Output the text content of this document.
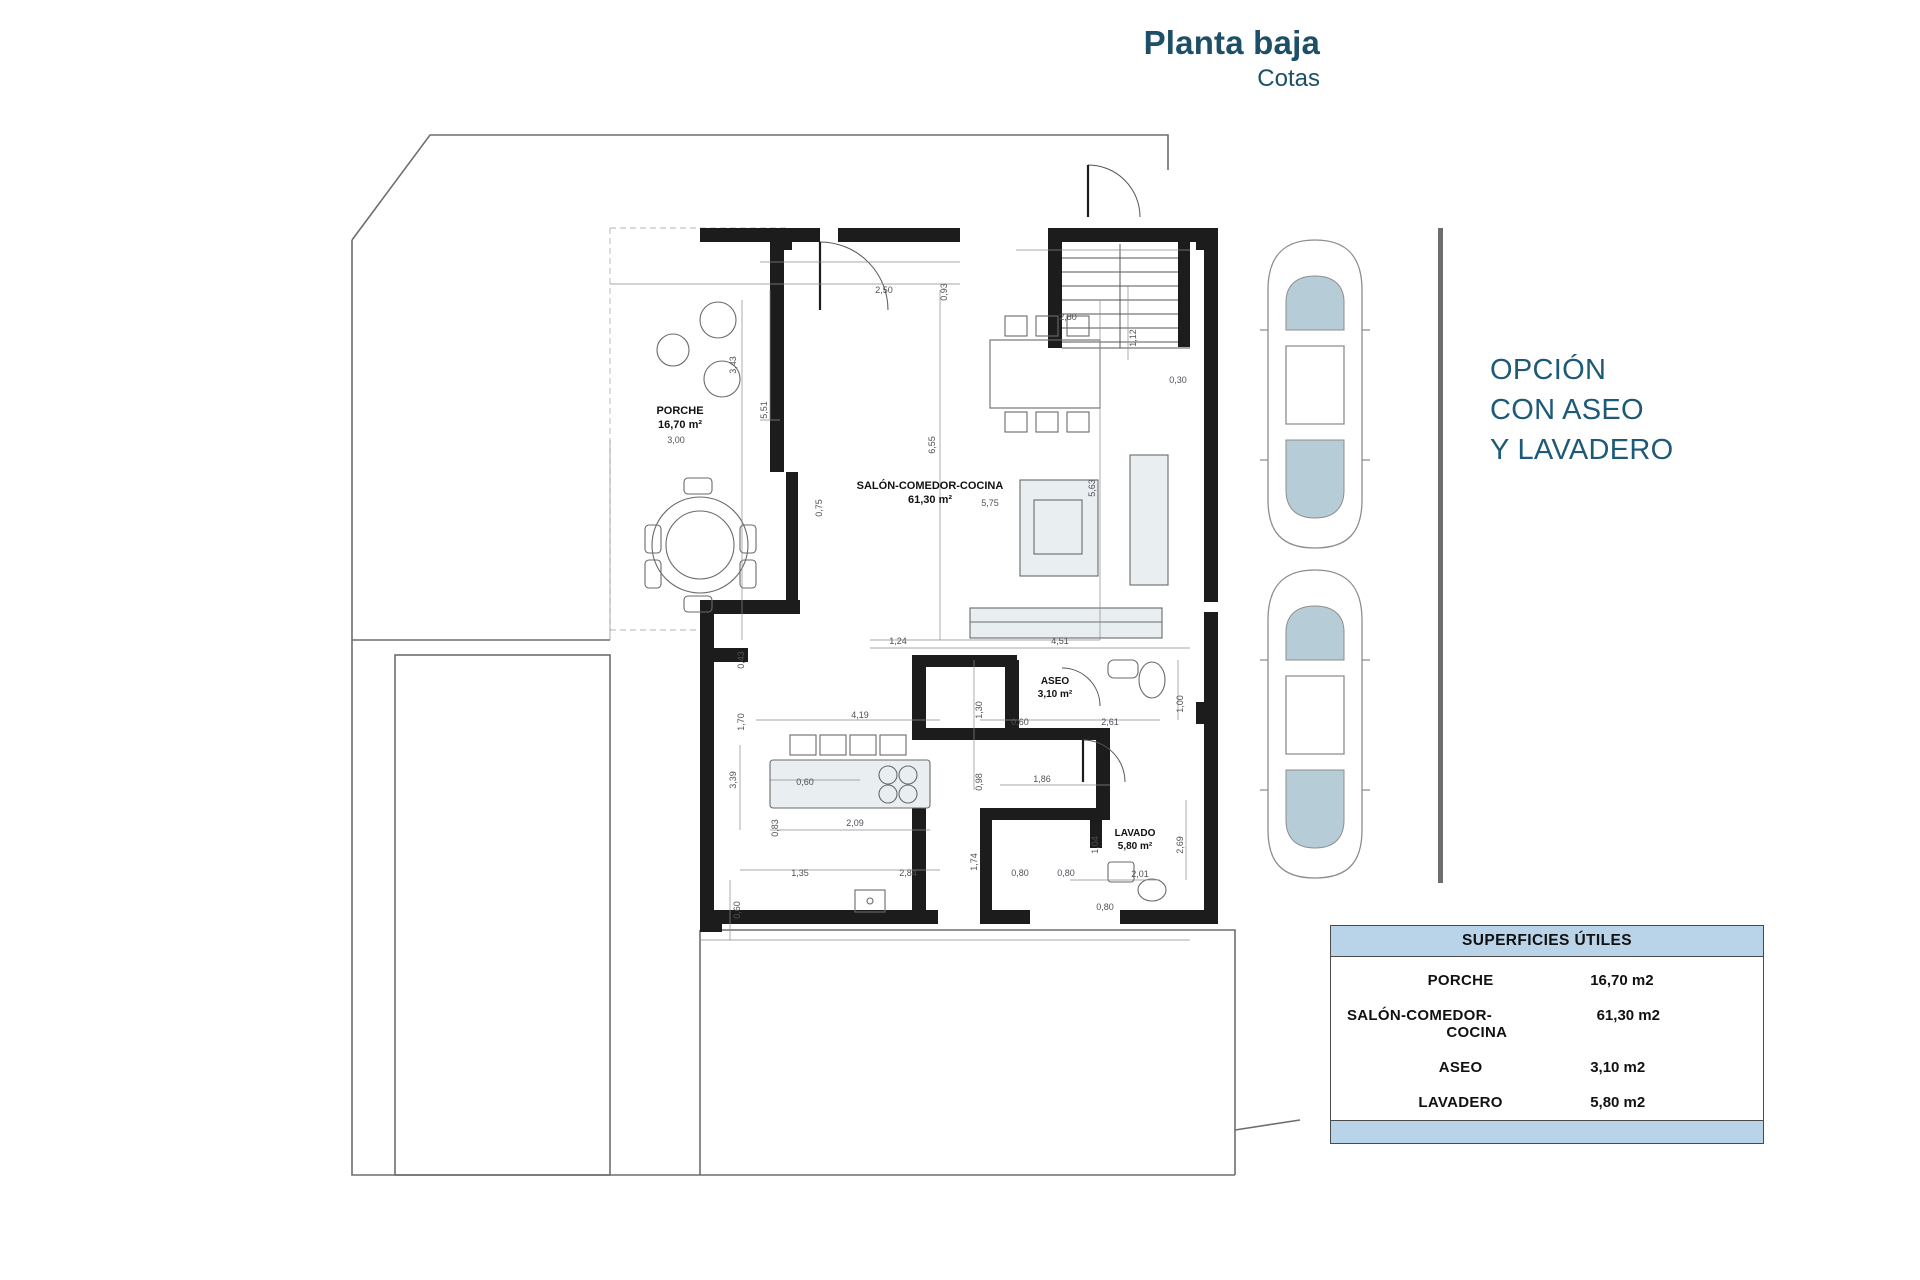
Planta baja
Cotas
OPCIÓN
CON ASEO
Y LAVADERO
2,50	0,93
2,80
1,12
0,30
3,43
5,51
6,55
5,75
5,63
0,75
1,24	4,51
0,43
1,70
1,30
0,60	2,61
1,00
4,19
3,39	0,60
2,09
0,83
0,98	1,86
2,69
2,01
1,04
1,35	2,84
1,74
0,80	0,80
0,80
0,60
3,00
PORCHE
16,70 m²
SALÓN-COMEDOR-COCINA
61,30 m²
ASEO
3,10 m²
LAVADO
5,80 m²
SUPERFICIES ÚTILES
PORCHE	16,70 m2
SALÓN-COMEDOR-
COCINA
61,30 m2
ASEO	3,10 m2
LAVADERO	5,80 m2
